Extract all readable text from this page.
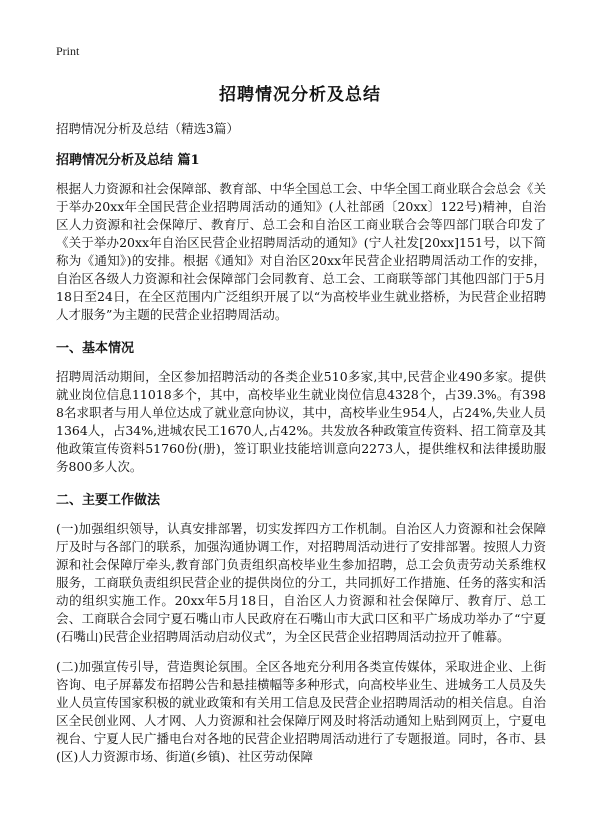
Print
招聘情况分析及总结

招聘情况分析及总结（精选3篇）

招聘情况分析及总结 篇1

根据人力资源和社会保障部、教育部、中华全国总工会、中华全国工商业联合会总会《关于举办20xx年全国民营企业招聘周活动的通知》(人社部函〔20xx〕122号)精神，自治区人力资源和社会保障厅、教育厅、总工会和自治区工商业联合会等四部门联合印发了《关于举办20xx年自治区民营企业招聘周活动的通知》(宁人社发[20xx]151号，以下简称为《通知》)的安排。根据《通知》对自治区20xx年民营企业招聘周活动工作的安排，自治区各级人力资源和社会保障部门会同教育、总工会、工商联等部门其他四部门于5月18日至24日，在全区范围内广泛组织开展了以“为高校毕业生就业搭桥，为民营企业招聘人才服务”为主题的民营企业招聘周活动。

一、基本情况

招聘周活动期间，全区参加招聘活动的各类企业510多家,其中,民营企业490多家。提供就业岗位信息11018多个，其中，高校毕业生就业岗位信息4328个，占39.3%。有3988名求职者与用人单位达成了就业意向协议，其中，高校毕业生954人，占24%,失业人员1364人，占34%,进城农民工1670人,占42%。共发放各种政策宣传资料、招工简章及其他政策宣传资料51760份(册)，签订职业技能培训意向2273人，提供维权和法律援助服务800多人次。

二、主要工作做法

(一)加强组织领导，认真安排部署，切实发挥四方工作机制。自治区人力资源和社会保障厅及时与各部门的联系，加强沟通协调工作，对招聘周活动进行了安排部署。按照人力资源和社会保障厅牵头,教育部门负责组织高校毕业生参加招聘，总工会负责劳动关系维权服务，工商联负责组织民营企业的提供岗位的分工，共同抓好工作措施、任务的落实和活动的组织实施工作。20xx年5月18日，自治区人力资源和社会保障厅、教育厅、总工会、工商联合会同宁夏石嘴山市人民政府在石嘴山市大武口区和平广场成功举办了“宁夏(石嘴山)民营企业招聘周活动启动仪式”，为全区民营企业招聘周活动拉开了帷幕。

(二)加强宣传引导，营造舆论氛围。全区各地充分利用各类宣传媒体，采取进企业、上街咨询、电子屏幕发布招聘公告和悬挂横幅等多种形式，向高校毕业生、进城务工人员及失业人员宣传国家积极的就业政策和有关用工信息及民营企业招聘周活动的相关信息。自治区全民创业网、人才网、人力资源和社会保障厅网及时将活动通知上贴到网页上，宁夏电视台、宁夏人民广播电台对各地的民营企业招聘周活动进行了专题报道。同时，各市、县(区)人力资源市场、街道(乡镇)、社区劳动保障
